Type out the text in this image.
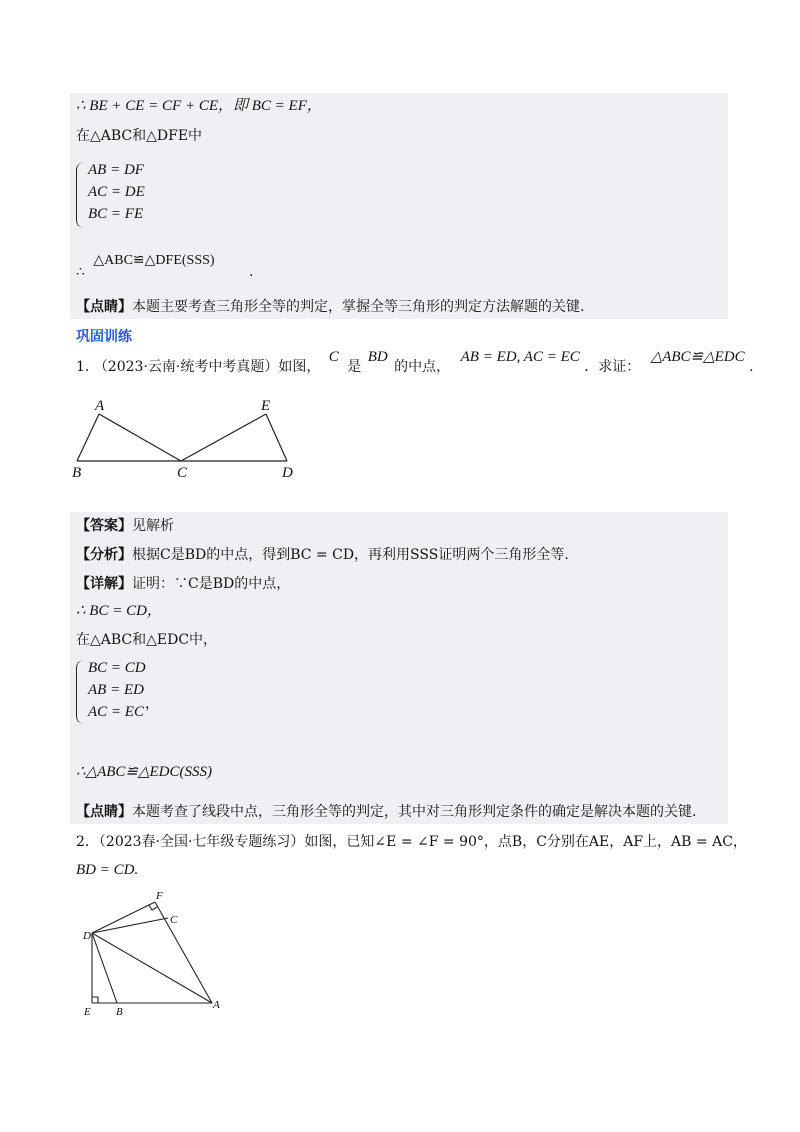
∴ BE + CE = CF + CE，即 BC = EF，
在△ABC和△DFE中
AB = DF
AC = DE
BC = FE
∴ △ABC≌△DFE(SSS) .
【点睛】本题主要考查三角形全等的判定，掌握全等三角形的判定方法解题的关键.
巩固训练
1. （2023·云南·统考中考真题）如图， C 是 BD 的中点， AB = ED, AC = EC ．求证： △ABC≌△EDC .
A	E
B	C	D
【答案】见解析
【分析】根据C是BD的中点，得到BC = CD，再利用SSS证明两个三角形全等.
【详解】证明：∵C是BD的中点，
∴ BC = CD，
在△ABC和△EDC中，
BC = CD
AB = ED
AC = EC ，
∴△ABC≌△EDC(SSS)
【点睛】本题考查了线段中点，三角形全等的判定，其中对三角形判定条件的确定是解决本题的关键.
2．（2023春·全国·七年级专题练习）如图，已知∠E = ∠F = 90°，点B，C分别在AE，AF上，AB = AC，
BD = CD.
F
C
D
E B
A
